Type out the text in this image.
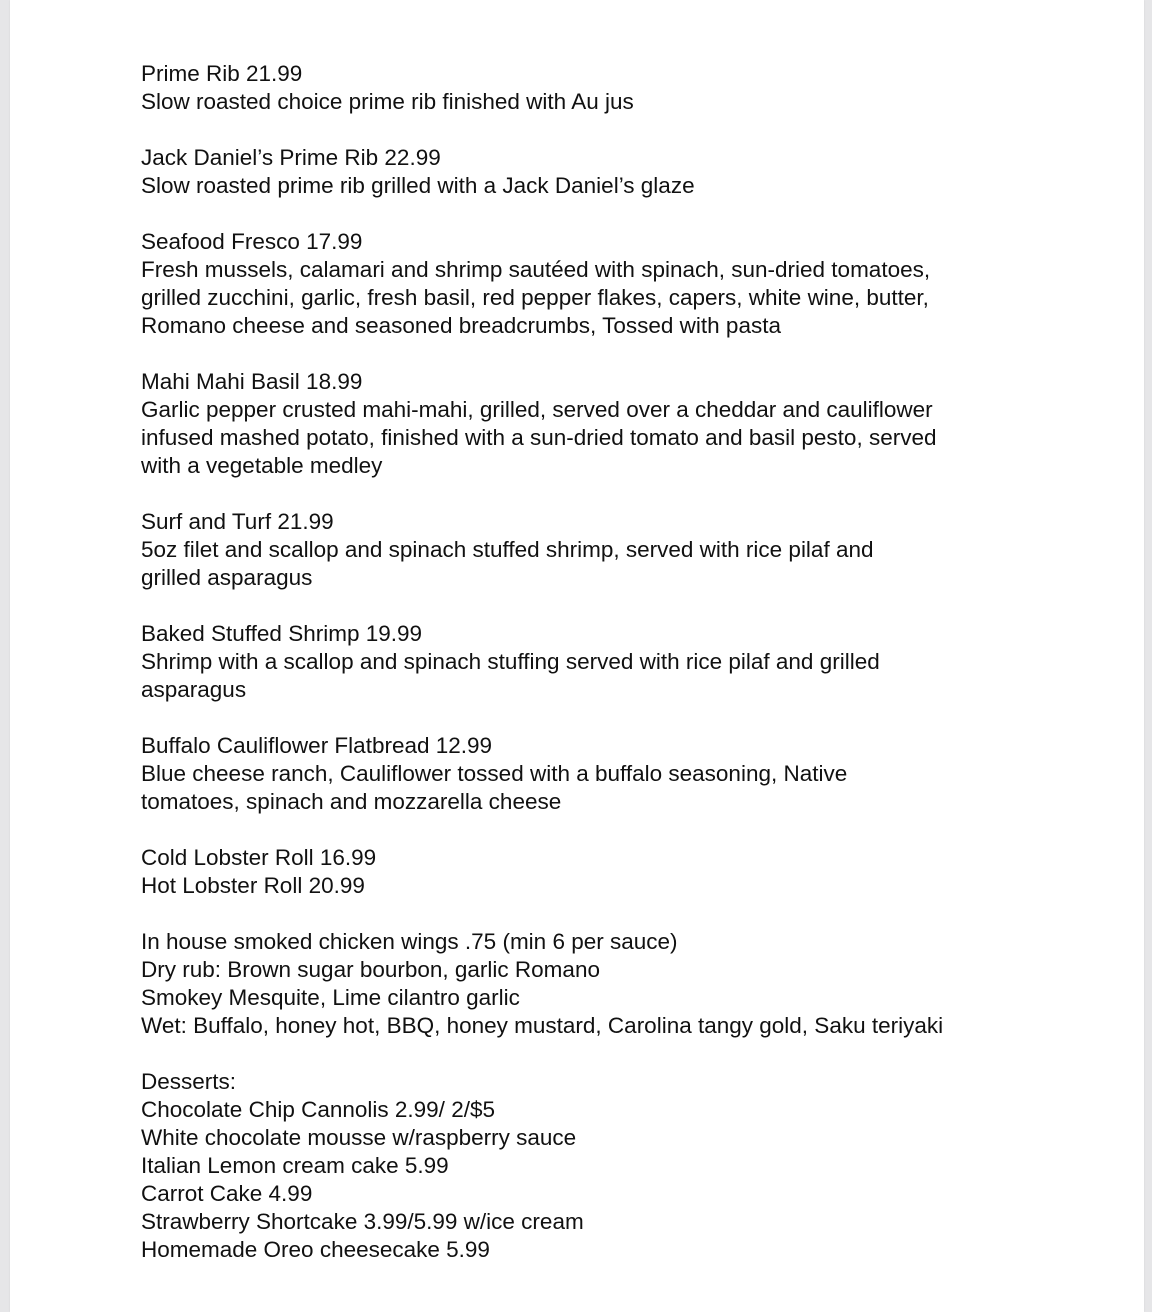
Prime Rib 21.99
Slow roasted choice prime rib finished with Au jus
Jack Daniel’s Prime Rib 22.99
Slow roasted prime rib grilled with a Jack Daniel’s glaze
Seafood Fresco 17.99
Fresh mussels, calamari and shrimp sautéed with spinach, sun-dried tomatoes,
grilled zucchini, garlic, fresh basil, red pepper flakes, capers, white wine, butter,
Romano cheese and seasoned breadcrumbs, Tossed with pasta
Mahi Mahi Basil 18.99
Garlic pepper crusted mahi-mahi, grilled, served over a cheddar and cauliflower
infused mashed potato, finished with a sun-dried tomato and basil pesto, served
with a vegetable medley
Surf and Turf 21.99
5oz filet and scallop and spinach stuffed shrimp, served with rice pilaf and
grilled asparagus
Baked Stuffed Shrimp 19.99
Shrimp with a scallop and spinach stuffing served with rice pilaf and grilled
asparagus
Buffalo Cauliflower Flatbread 12.99
Blue cheese ranch, Cauliflower tossed with a buffalo seasoning, Native
tomatoes, spinach and mozzarella cheese
Cold Lobster Roll 16.99
Hot Lobster Roll 20.99
In house smoked chicken wings .75 (min 6 per sauce)
Dry rub: Brown sugar bourbon, garlic Romano
Smokey Mesquite, Lime cilantro garlic
Wet: Buffalo, honey hot, BBQ, honey mustard, Carolina tangy gold, Saku teriyaki
Desserts:
Chocolate Chip Cannolis 2.99/ 2/$5
White chocolate mousse w/raspberry sauce
Italian Lemon cream cake 5.99
Carrot Cake 4.99
Strawberry Shortcake 3.99/5.99 w/ice cream
Homemade Oreo cheesecake 5.99
